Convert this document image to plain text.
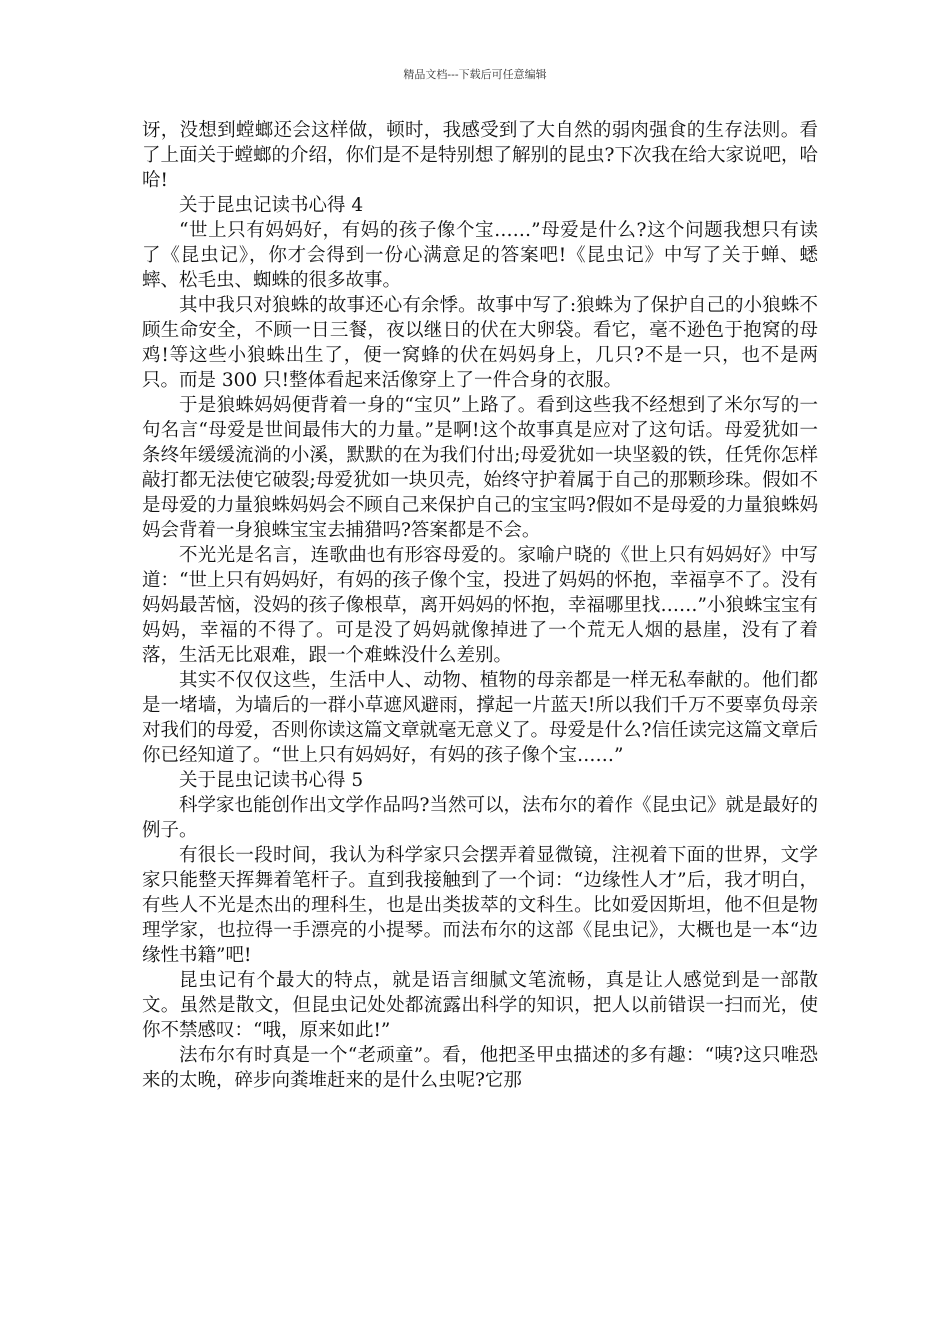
精品文档---下载后可任意编辑

讶，没想到螳螂还会这样做，顿时，我感受到了大自然的弱肉强食的生存法则。看了上面关于螳螂的介绍，你们是不是特别想了解别的昆虫?下次我在给大家说吧，哈哈!

关于昆虫记读书心得 4

“世上只有妈妈好，有妈的孩子像个宝……”母爱是什么?这个问题我想只有读了《昆虫记》，你才会得到一份心满意足的答案吧!《昆虫记》中写了关于蝉、蟋蟀、松毛虫、蜘蛛的很多故事。

其中我只对狼蛛的故事还心有余悸。故事中写了:狼蛛为了保护自己的小狼蛛不顾生命安全，不顾一日三餐，夜以继日的伏在大卵袋。看它，毫不逊色于抱窝的母鸡!等这些小狼蛛出生了，便一窝蜂的伏在妈妈身上，几只?不是一只，也不是两只。而是 300 只!整体看起来活像穿上了一件合身的衣服。

于是狼蛛妈妈便背着一身的“宝贝”上路了。看到这些我不经想到了米尔写的一句名言“母爱是世间最伟大的力量。”是啊!这个故事真是应对了这句话。母爱犹如一条终年缓缓流淌的小溪，默默的在为我们付出;母爱犹如一块坚毅的铁，任凭你怎样敲打都无法使它破裂;母爱犹如一块贝壳，始终守护着属于自己的那颗珍珠。假如不是母爱的力量狼蛛妈妈会不顾自己来保护自己的宝宝吗?假如不是母爱的力量狼蛛妈妈会背着一身狼蛛宝宝去捕猎吗?答案都是不会。

不光光是名言，连歌曲也有形容母爱的。家喻户晓的《世上只有妈妈好》中写道：“世上只有妈妈好，有妈的孩子像个宝，投进了妈妈的怀抱，幸福享不了。没有妈妈最苦恼，没妈的孩子像根草，离开妈妈的怀抱，幸福哪里找……”小狼蛛宝宝有妈妈，幸福的不得了。可是没了妈妈就像掉进了一个荒无人烟的悬崖，没有了着落，生活无比艰难，跟一个难蛛没什么差别。

其实不仅仅这些，生活中人、动物、植物的母亲都是一样无私奉献的。他们都是一堵墙，为墙后的一群小草遮风避雨，撑起一片蓝天!所以我们千万不要辜负母亲对我们的母爱，否则你读这篇文章就毫无意义了。母爱是什么?信任读完这篇文章后你已经知道了。“世上只有妈妈好，有妈的孩子像个宝……”

关于昆虫记读书心得 5

科学家也能创作出文学作品吗?当然可以，法布尔的着作《昆虫记》就是最好的例子。

有很长一段时间，我认为科学家只会摆弄着显微镜，注视着下面的世界，文学家只能整天挥舞着笔杆子。直到我接触到了一个词：“边缘性人才”后，我才明白，有些人不光是杰出的理科生，也是出类拔萃的文科生。比如爱因斯坦，他不但是物理学家，也拉得一手漂亮的小提琴。而法布尔的这部《昆虫记》，大概也是一本“边缘性书籍”吧!

昆虫记有个最大的特点，就是语言细腻文笔流畅，真是让人感觉到是一部散文。虽然是散文，但昆虫记处处都流露出科学的知识，把人以前错误一扫而光，使你不禁感叹：“哦，原来如此!”

法布尔有时真是一个“老顽童”。看，他把圣甲虫描述的多有趣：“咦?这只唯恐来的太晚，碎步向粪堆赶来的是什么虫呢?它那
